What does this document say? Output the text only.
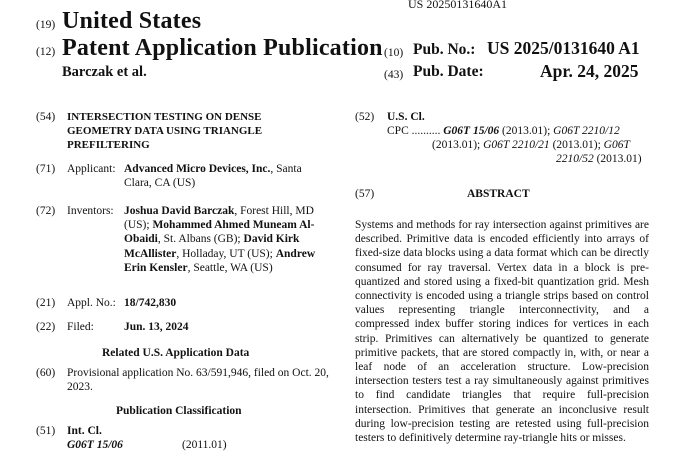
US 20250131640A1
(19) United States
(12) Patent Application Publication
Barczak et al.
(10) Pub. No.: US 2025/0131640 A1
(43) Pub. Date:	Apr. 24, 2025
(54) INTERSECTION TESTING ON DENSE GEOMETRY DATA USING TRIANGLE PREFILTERING
(71) Applicant: Advanced Micro Devices, Inc., Santa Clara, CA (US)
(72) Inventors: Joshua David Barczak, Forest Hill, MD (US); Mohammed Ahmed Muneam Al-Obaidi, St. Albans (GB); David Kirk McAllister, Holladay, UT (US); Andrew Erin Kensler, Seattle, WA (US)
(21) Appl. No.: 18/742,830
(22) Filed:	Jun. 13, 2024
Related U.S. Application Data
(60) Provisional application No. 63/591,946, filed on Oct. 20, 2023.
Publication Classification
(51) Int. Cl.
G06T 15/06	(2011.01)
(52) U.S. Cl.
CPC .......... G06T 15/06 (2013.01); G06T 2210/12
(2013.01); G06T 2210/21 (2013.01); G06T
2210/52 (2013.01)
(57)	ABSTRACT
Systems and methods for ray intersection against primitives are described. Primitive data is encoded efficiently into arrays of fixed-size data blocks using a data format which can be directly consumed for ray traversal. Vertex data in a block is pre-quantized and stored using a fixed-bit quantization grid. Mesh connectivity is encoded using a triangle strips based on control values representing triangle interconnectivity, and a compressed index buffer storing indices for vertices in each strip. Primitives can alternatively be quantized to generate primitive packets, that are stored compactly in, with, or near a leaf node of an acceleration structure. Low-precision intersection testers test a ray simultaneously against primitives to find candidate triangles that require full-precision intersection. Primitives that generate an inconclusive result during low-precision testing are retested using full-precision testers to definitively determine ray-triangle hits or misses.
